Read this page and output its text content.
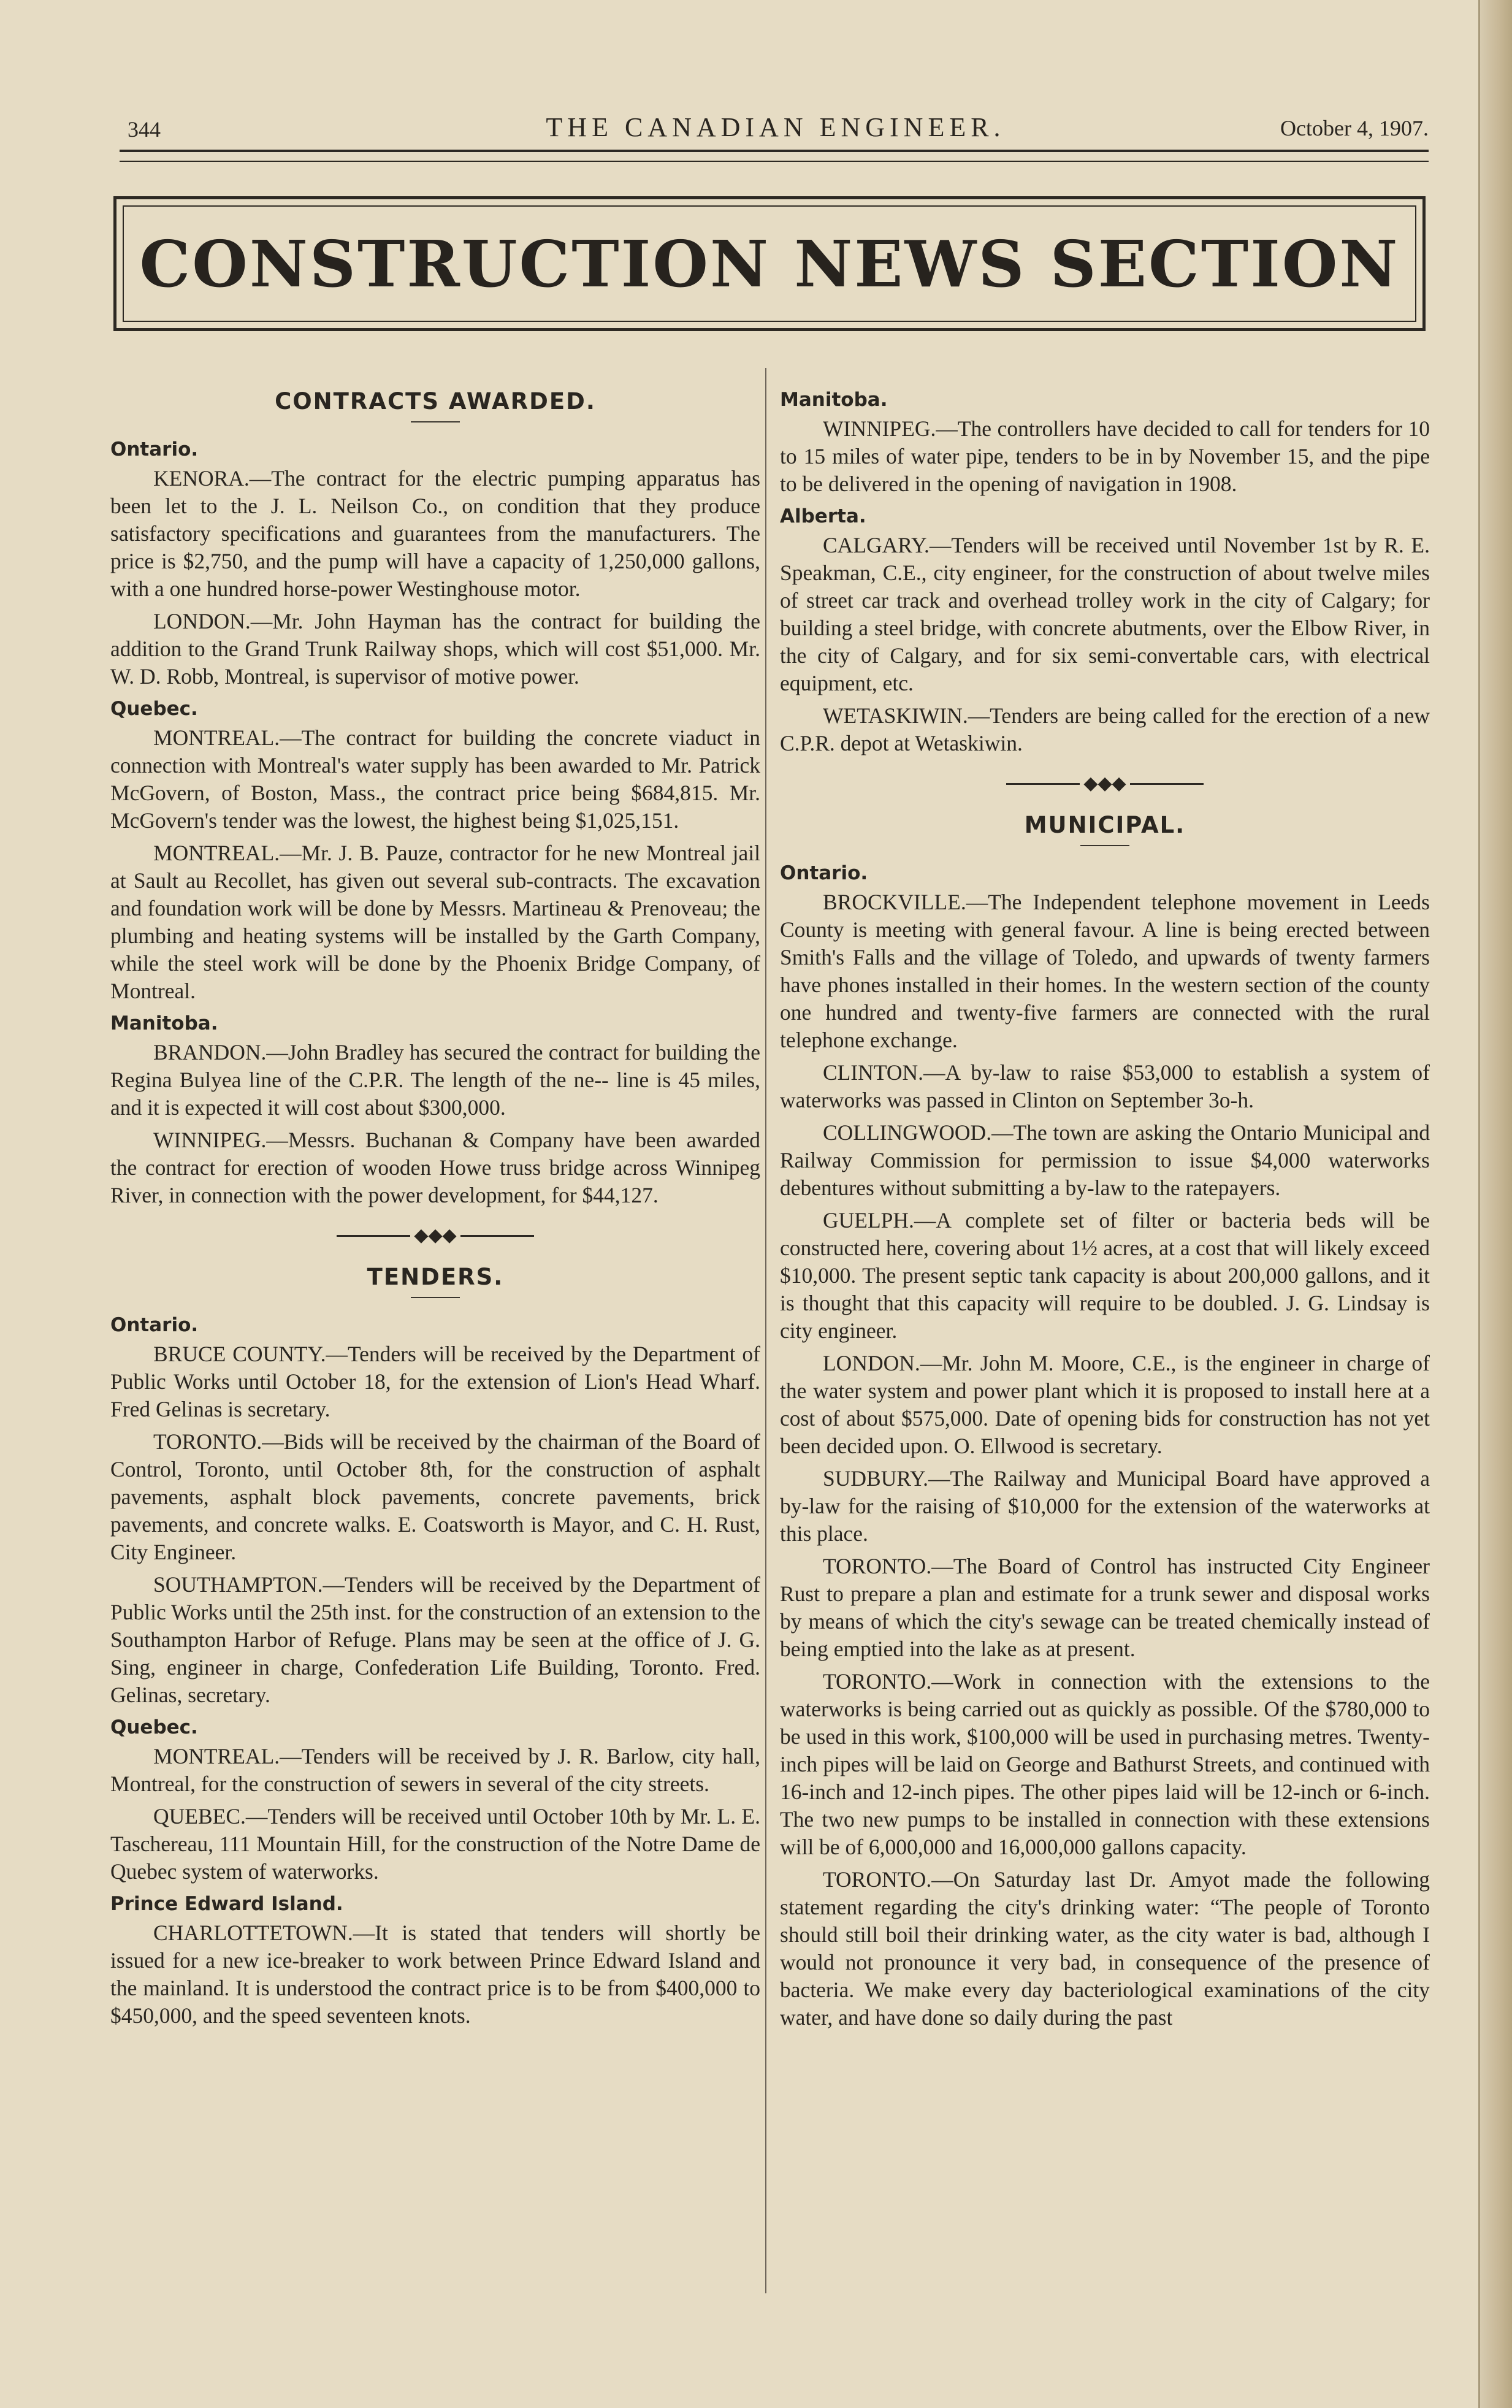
344	THE CANADIAN ENGINEER.	October 4, 1907.
CONSTRUCTION NEWS SECTION
CONTRACTS AWARDED.
Ontario.

KENORA.—The contract for the electric pumping apparatus has been let to the J. L. Neilson Co., on condition that they produce satisfactory specifications and guarantees from the manufacturers. The price is $2,750, and the pump will have a capacity of 1,250,000 gallons, with a one hundred horse-power Westinghouse motor.

LONDON.—Mr. John Hayman has the contract for building the addition to the Grand Trunk Railway shops, which will cost $51,000. Mr. W. D. Robb, Montreal, is supervisor of motive power.

Quebec.

MONTREAL.—The contract for building the concrete viaduct in connection with Montreal's water supply has been awarded to Mr. Patrick McGovern, of Boston, Mass., the contract price being $684,815. Mr. McGovern's tender was the lowest, the highest being $1,025,151.

MONTREAL.—Mr. J. B. Pauze, contractor for he new Montreal jail at Sault au Recollet, has given out several sub-contracts. The excavation and foundation work will be done by Messrs. Martineau & Prenoveau; the plumbing and heating systems will be installed by the Garth Company, while the steel work will be done by the Phoenix Bridge Company, of Montreal.

Manitoba.

BRANDON.—John Bradley has secured the contract for building the Regina Bulyea line of the C.P.R. The length of the ne-- line is 45 miles, and it is expected it will cost about $300,000.

WINNIPEG.—Messrs. Buchanan & Company have been awarded the contract for erection of wooden Howe truss bridge across Winnipeg River, in connection with the power development, for $44,127.

◆◆◆
TENDERS.
Ontario.

BRUCE COUNTY.—Tenders will be received by the Department of Public Works until October 18, for the extension of Lion's Head Wharf. Fred Gelinas is secretary.

TORONTO.—Bids will be received by the chairman of the Board of Control, Toronto, until October 8th, for the construction of asphalt pavements, asphalt block pavements, concrete pavements, brick pavements, and concrete walks. E. Coatsworth is Mayor, and C. H. Rust, City Engineer.

SOUTHAMPTON.—Tenders will be received by the Department of Public Works until the 25th inst. for the construction of an extension to the Southampton Harbor of Refuge. Plans may be seen at the office of J. G. Sing, engineer in charge, Confederation Life Building, Toronto. Fred. Gelinas, secretary.

Quebec.

MONTREAL.—Tenders will be received by J. R. Barlow, city hall, Montreal, for the construction of sewers in several of the city streets.

QUEBEC.—Tenders will be received until October 10th by Mr. L. E. Taschereau, 111 Mountain Hill, for the construction of the Notre Dame de Quebec system of waterworks.

Prince Edward Island.

CHARLOTTETOWN.—It is stated that tenders will shortly be issued for a new ice-breaker to work between Prince Edward Island and the mainland. It is understood the contract price is to be from $400,000 to $450,000, and the speed seventeen knots.

Manitoba.

WINNIPEG.—The controllers have decided to call for tenders for 10 to 15 miles of water pipe, tenders to be in by November 15, and the pipe to be delivered in the opening of navigation in 1908.

Alberta.

CALGARY.—Tenders will be received until November 1st by R. E. Speakman, C.E., city engineer, for the construction of about twelve miles of street car track and overhead trolley work in the city of Calgary; for building a steel bridge, with concrete abutments, over the Elbow River, in the city of Calgary, and for six semi-convertable cars, with electrical equipment, etc.

WETASKIWIN.—Tenders are being called for the erection of a new C.P.R. depot at Wetaskiwin.

◆◆◆
MUNICIPAL.
Ontario.

BROCKVILLE.—The Independent telephone movement in Leeds County is meeting with general favour. A line is being erected between Smith's Falls and the village of Toledo, and upwards of twenty farmers have phones installed in their homes. In the western section of the county one hundred and twenty-five farmers are connected with the rural telephone exchange.

CLINTON.—A by-law to raise $53,000 to establish a system of waterworks was passed in Clinton on September 3o-h.

COLLINGWOOD.—The town are asking the Ontario Municipal and Railway Commission for permission to issue $4,000 waterworks debentures without submitting a by-law to the ratepayers.

GUELPH.—A complete set of filter or bacteria beds will be constructed here, covering about 1½ acres, at a cost that will likely exceed $10,000. The present septic tank capacity is about 200,000 gallons, and it is thought that this capacity will require to be doubled. J. G. Lindsay is city engineer.

LONDON.—Mr. John M. Moore, C.E., is the engineer in charge of the water system and power plant which it is proposed to install here at a cost of about $575,000. Date of opening bids for construction has not yet been decided upon. O. Ellwood is secretary.

SUDBURY.—The Railway and Municipal Board have approved a by-law for the raising of $10,000 for the extension of the waterworks at this place.

TORONTO.—The Board of Control has instructed City Engineer Rust to prepare a plan and estimate for a trunk sewer and disposal works by means of which the city's sewage can be treated chemically instead of being emptied into the lake as at present.

TORONTO.—Work in connection with the extensions to the waterworks is being carried out as quickly as possible. Of the $780,000 to be used in this work, $100,000 will be used in purchasing metres. Twenty-inch pipes will be laid on George and Bathurst Streets, and continued with 16-inch and 12-inch pipes. The other pipes laid will be 12-inch or 6-inch. The two new pumps to be installed in connection with these extensions will be of 6,000,000 and 16,000,000 gallons capacity.

TORONTO.—On Saturday last Dr. Amyot made the following statement regarding the city's drinking water: “The people of Toronto should still boil their drinking water, as the city water is bad, although I would not pronounce it very bad, in consequence of the presence of bacteria. We make every day bacteriological examinations of the city water, and have done so daily during the past
